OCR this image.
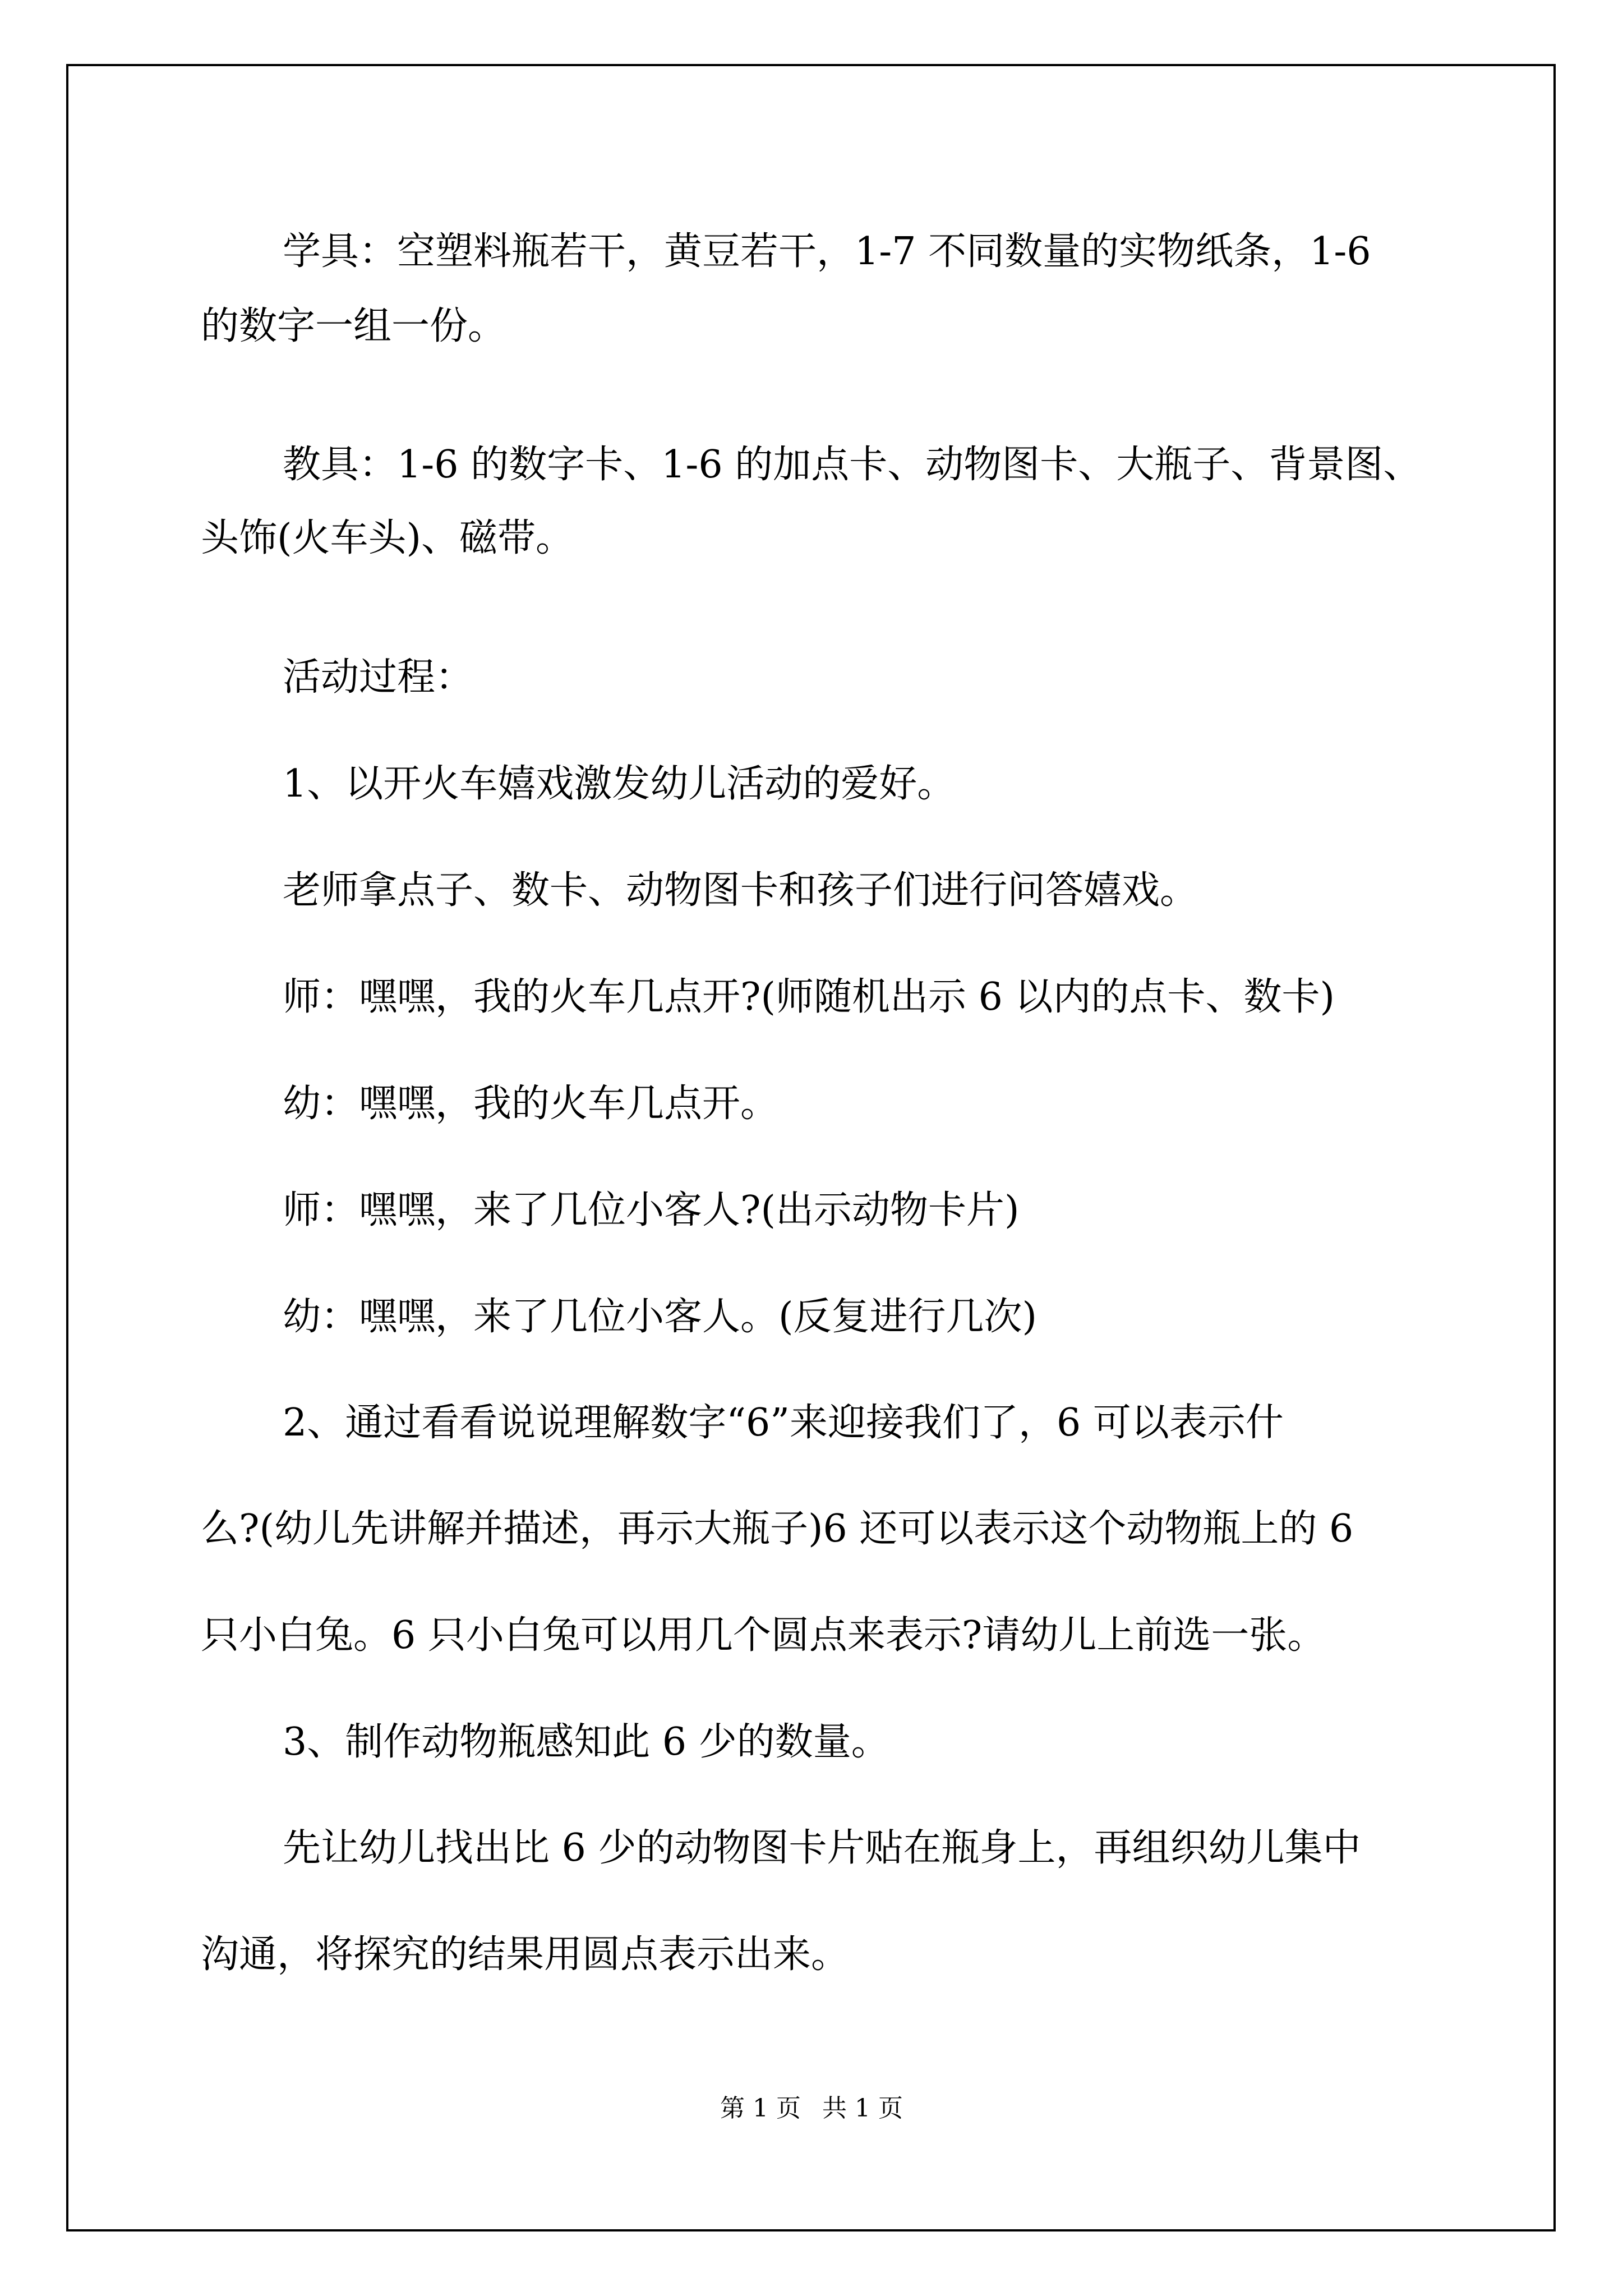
学具：空塑料瓶若干，黄豆若干，1-7 不同数量的实物纸条，1-6
的数字一组一份。
教具：1-6 的数字卡、1-6 的加点卡、动物图卡、大瓶子、背景图、
头饰(火车头)、磁带。
活动过程：
1、以开火车嬉戏激发幼儿活动的爱好。
老师拿点子、数卡、动物图卡和孩子们进行问答嬉戏。
师：嘿嘿，我的火车几点开?(师随机出示 6 以内的点卡、数卡)
幼：嘿嘿，我的火车几点开。
师：嘿嘿，来了几位小客人?(出示动物卡片)
幼：嘿嘿，来了几位小客人。(反复进行几次)
2、通过看看说说理解数字“6”来迎接我们了，6 可以表示什
么?(幼儿先讲解并描述，再示大瓶子)6 还可以表示这个动物瓶上的 6
只小白兔。6 只小白兔可以用几个圆点来表示?请幼儿上前选一张。
3、制作动物瓶感知此 6 少的数量。
先让幼儿找出比 6 少的动物图卡片贴在瓶身上，再组织幼儿集中
沟通，将探究的结果用圆点表示出来。
第 1 页 共 1 页
